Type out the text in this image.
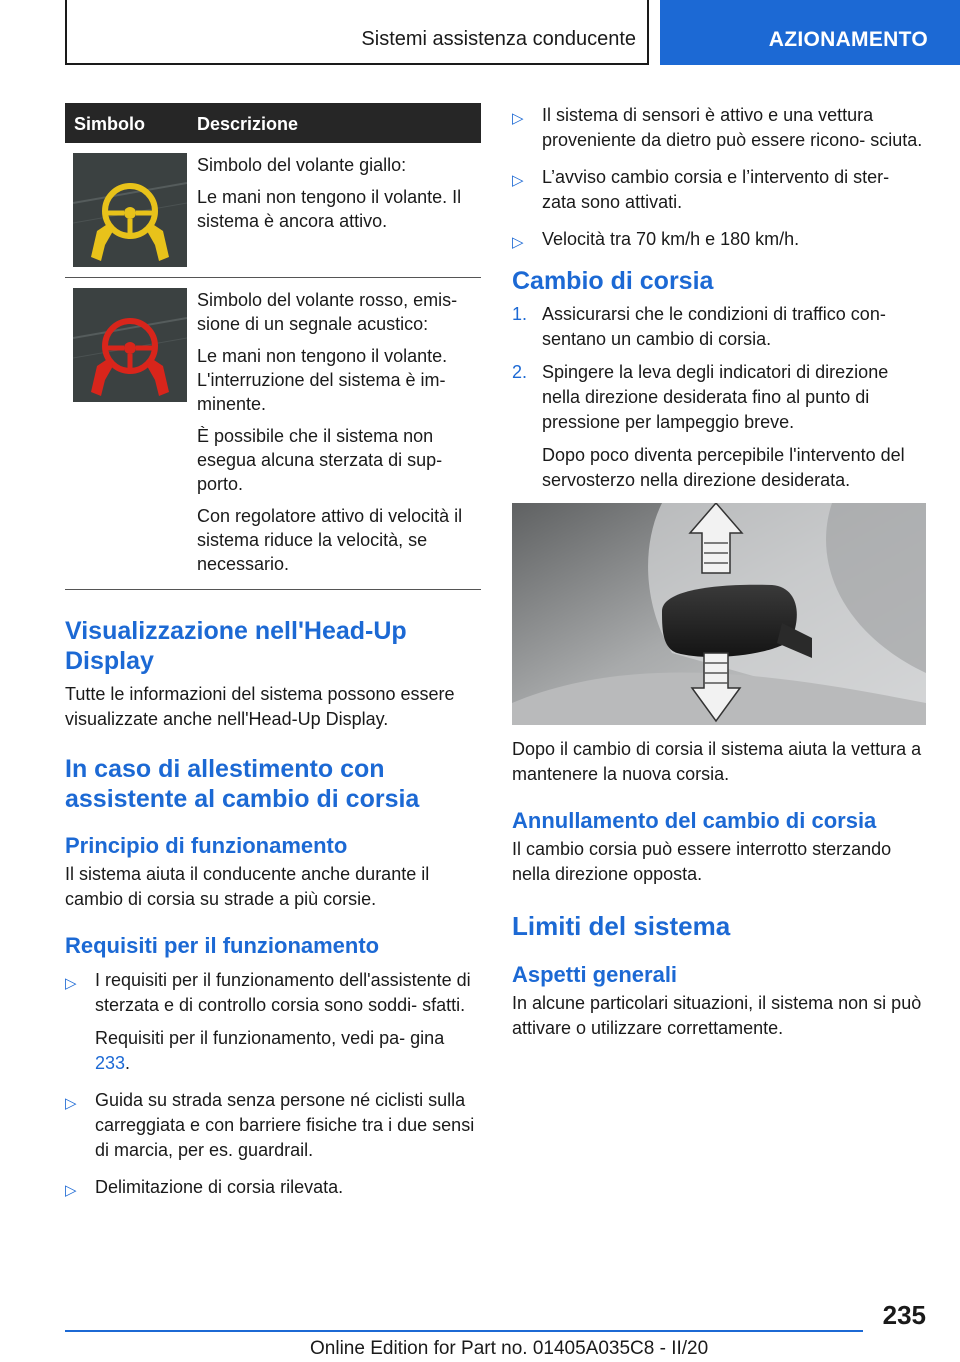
Sistemi assistenza conducente	AZIONAMENTO
Simbolo	Descrizione

Simbolo del volante giallo:

Le mani non tengono il volante. Il sistema è ancora attivo.

Simbolo del volante rosso, emis- sione di un segnale acustico:

Le mani non tengono il volante. L'interruzione del sistema è im- minente.

È possibile che il sistema non esegua alcuna sterzata di sup- porto.

Con regolatore attivo di velocità il sistema riduce la velocità, se necessario.

Visualizzazione nell'Head-Up Display

Tutte le informazioni del sistema possono essere visualizzate anche nell'Head-Up Display.

In caso di allestimento con assistente al cambio di corsia
Principio di funzionamento

Il sistema aiuta il conducente anche durante il cambio di corsia su strade a più corsie.

Requisiti per il funzionamento
▷ I requisiti per il funzionamento dell'assistente di sterzata e di controllo corsia sono soddi- sfatti.

Requisiti per il funzionamento, vedi pa- gina 233.

▷ Guida su strada senza persone né ciclisti sulla carreggiata e con barriere fisiche tra i due sensi di marcia, per es. guardrail.

▷ Delimitazione di corsia rilevata.

▷ Il sistema di sensori è attivo e una vettura proveniente da dietro può essere ricono- sciuta.

▷ L’avviso cambio corsia e l’intervento di ster- zata sono attivati.

▷ Velocità tra 70 km/h e 180 km/h.

Cambio di corsia
1. Assicurarsi che le condizioni di traffico con- sentano un cambio di corsia.

2. Spingere la leva degli indicatori di direzione nella direzione desiderata fino al punto di pressione per lampeggio breve.

Dopo poco diventa percepibile l'intervento del servosterzo nella direzione desiderata.

Dopo il cambio di corsia il sistema aiuta la vettura a mantenere la nuova corsia.

Annullamento del cambio di corsia

Il cambio corsia può essere interrotto sterzando nella direzione opposta.

Limiti del sistema
Aspetti generali

In alcune particolari situazioni, il sistema non si può attivare o utilizzare correttamente.

235
Online Edition for Part no. 01405A035C8 - II/20
